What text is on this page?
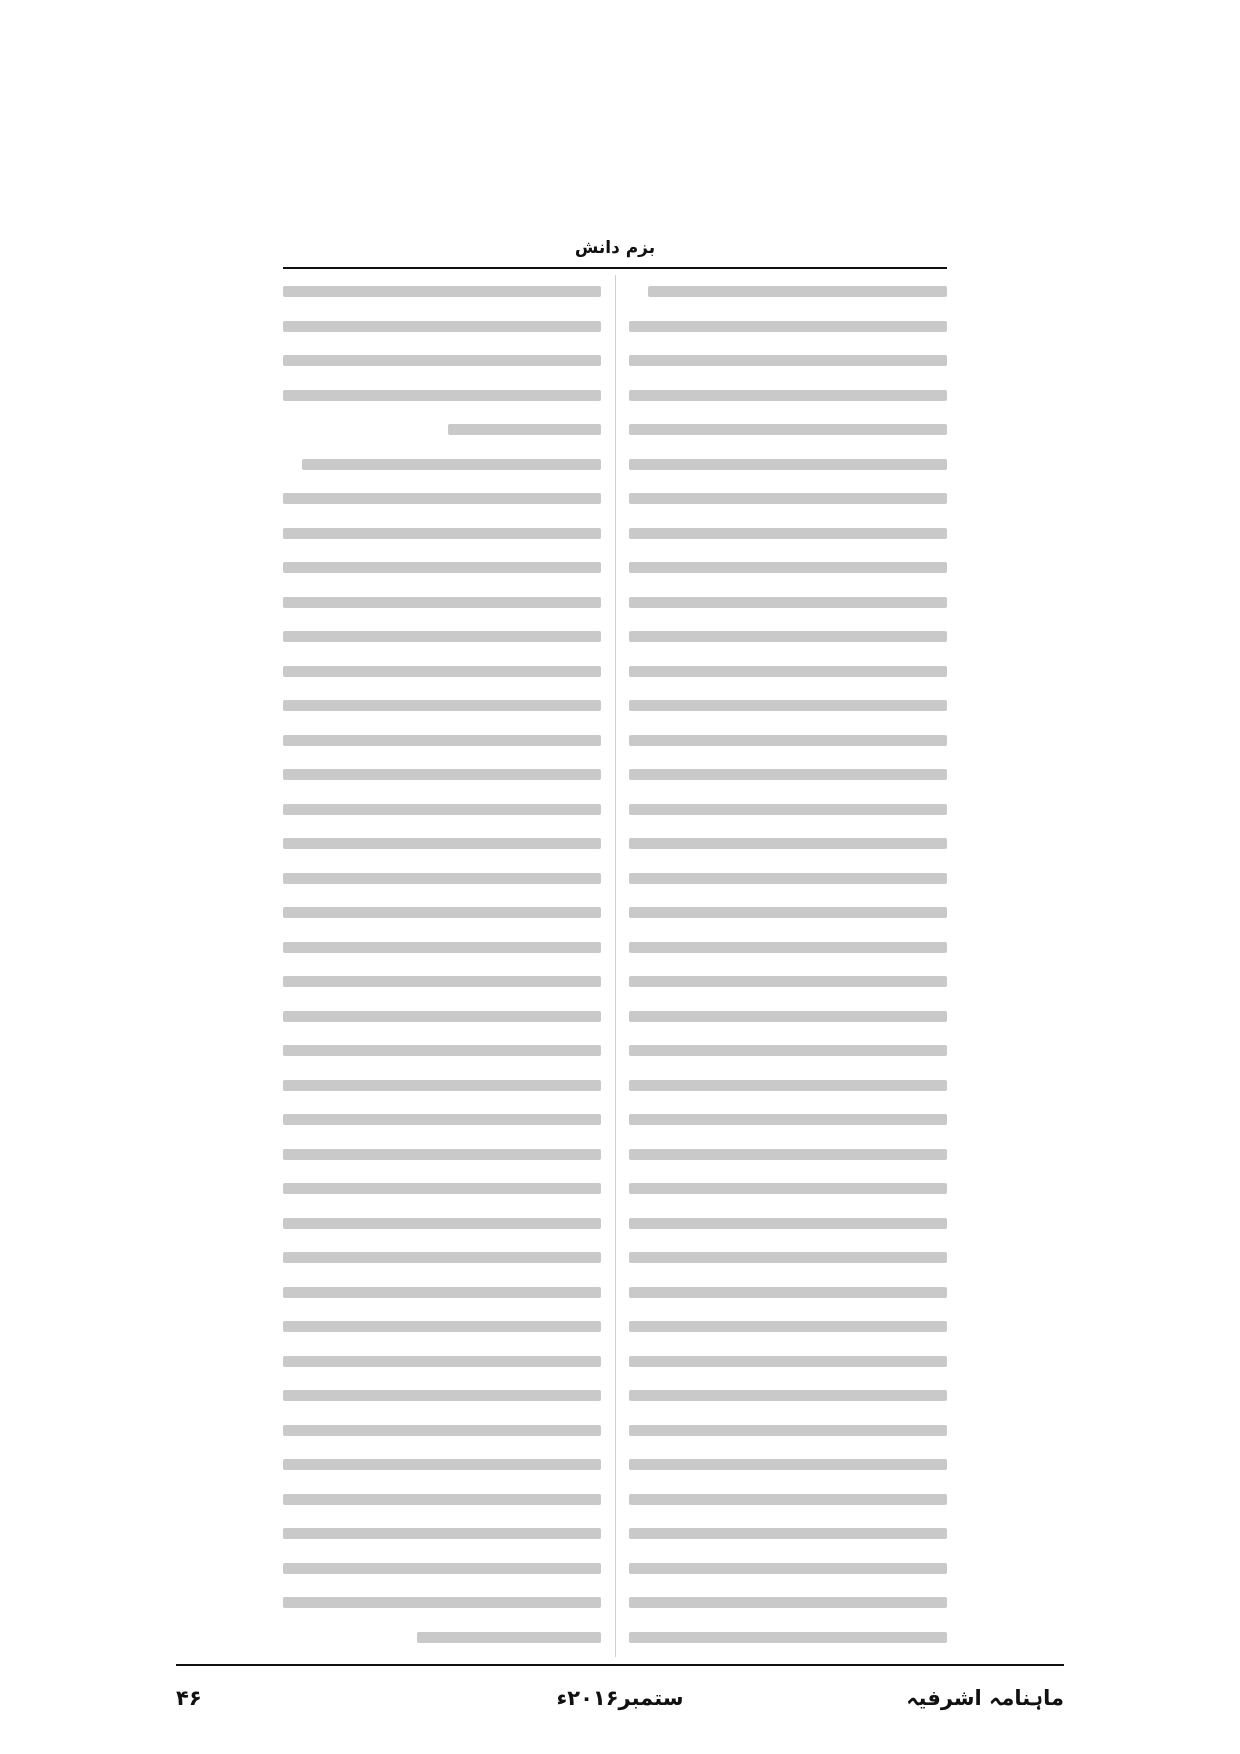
بزم دانش
ماہنامہ اشرفیہ
ستمبر۲۰۱۶ء
۴۶
